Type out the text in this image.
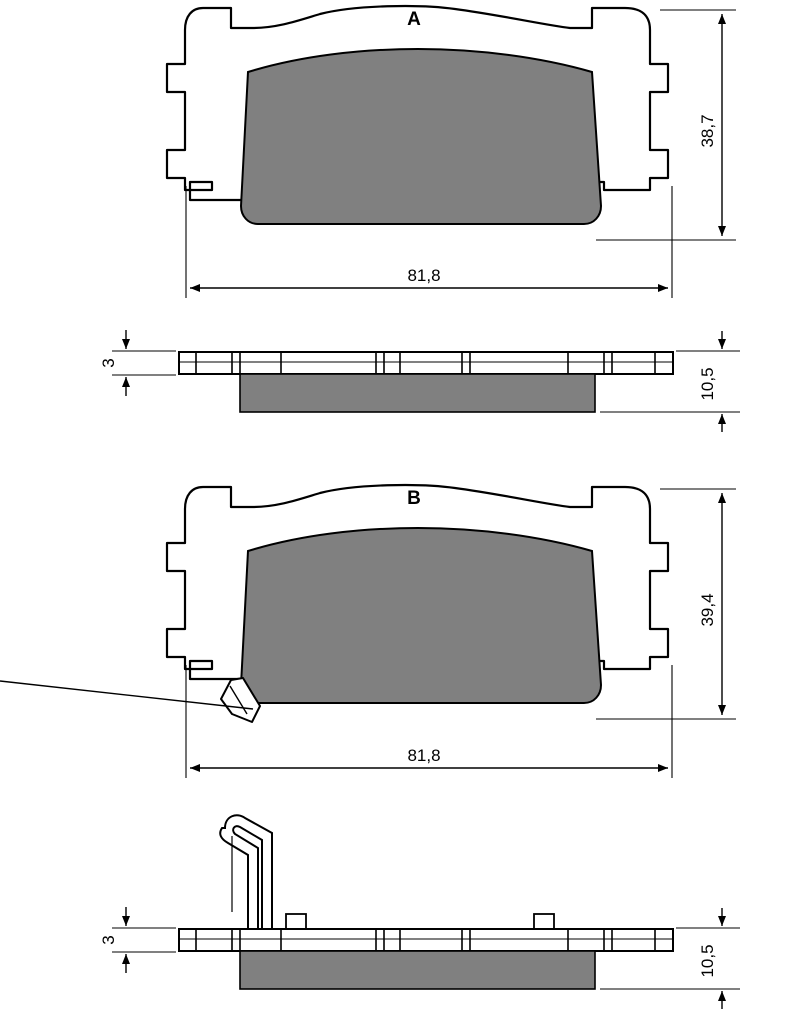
A
38,7
81,8
3
10,5
B
39,4
81,8
3
10,5
